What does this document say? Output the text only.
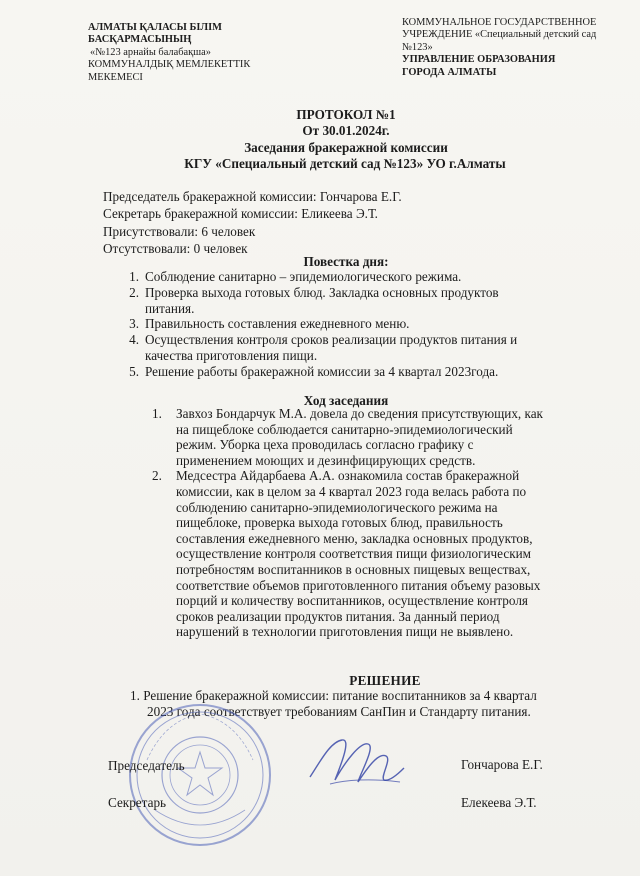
АЛМАТЫ ҚАЛАСЫ БІЛІМ
БАСҚАРМАСЫНЫҢ
«№123 арнайы балабақша»
КОММУНАЛДЫҚ МЕМЛЕКЕТТІК
МЕКЕМЕСІ
КОММУНАЛЬНОЕ ГОСУДАРСТВЕННОЕ
УЧРЕЖДЕНИЕ «Специальный детский сад
№123»
УПРАВЛЕНИЕ ОБРАЗОВАНИЯ
ГОРОДА АЛМАТЫ
ПРОТОКОЛ №1
От 30.01.2024г.
Заседания бракеражной комиссии
КГУ «Специальный детский сад №123» УО г.Алматы
Председатель бракеражной комиссии: Гончарова Е.Г.
Секретарь бракеражной комиссии: Еликеева Э.Т.
Присутствовали: 6 человек
Отсутствовали: 0 человек
Повестка дня:
1. Соблюдение санитарно – эпидемиологического режима.
2. Проверка выхода готовых блюд. Закладка основных продуктов
питания.
3. Правильность составления ежедневного меню.
4. Осуществления контроля сроков реализации продуктов питания и
качества приготовления пищи.
5. Решение работы бракеражной комиссии за 4 квартал 2023года.
Ход заседания
1.	Завхоз Бондарчук М.А. довела до сведения присутствующих, как
на пищеблоке соблюдается санитарно-эпидемиологический
режим. Уборка цеха проводилась согласно графику с
применением моющих и дезинфицирующих средств.
2.	Медсестра Айдарбаева А.А. ознакомила состав бракеражной
комиссии, как в целом за 4 квартал 2023 года велась работа по
соблюдению санитарно-эпидемиологического режима на
пищеблоке, проверка выхода готовых блюд, правильность
составления ежедневного меню, закладка основных продуктов,
осуществление контроля соответствия пищи физиологическим
потребностям воспитанников в основных пищевых веществах,
соответствие объемов приготовленного питания объему разовых
порций и количеству воспитанников, осуществление контроля
сроков реализации продуктов питания. За данный период
нарушений в технологии приготовления пищи не выявлено.
РЕШЕНИЕ
1. Решение бракеражной комиссии: питание воспитанников за 4 квартал
2023 года соответствует требованиям СанПин и Стандарту питания.
Председатель	Гончарова Е.Г.
Секретарь	Елекеева Э.Т.
